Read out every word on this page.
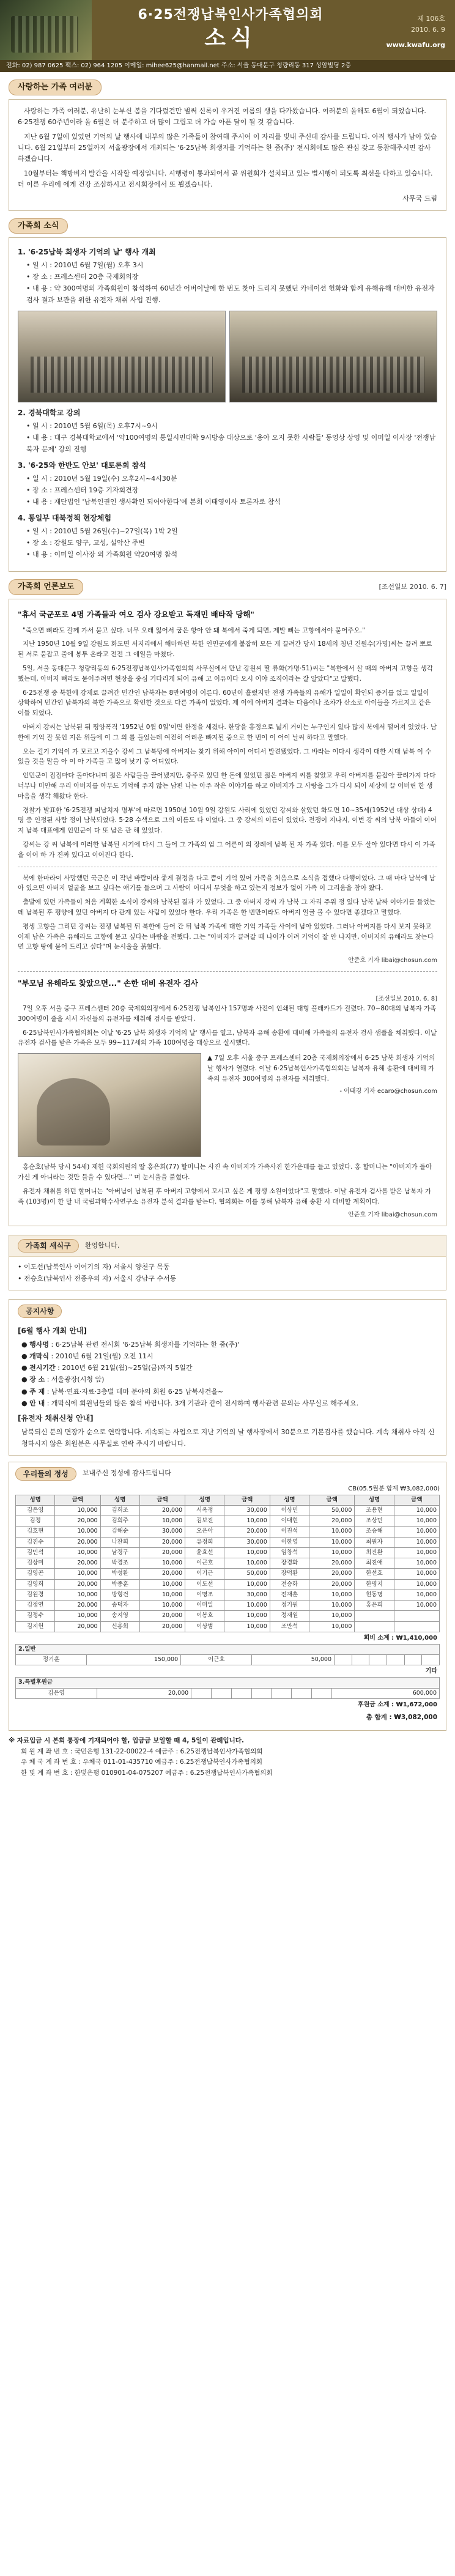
6·25전쟁납북인사가족협의회
소식
제 106호
2010. 6. 9
www.kwafu.org
전화: 02) 987 0625 팩스: 02) 964 1205 이메일: mihee625@hanmail.net 주소: 서울 동대문구 청량리동 317 성암빌딩 2층
사랑하는 가족 여러분

사랑하는 가족 여러분, 유난히 눈부신 봄을 기다렸건만 벌써 신록이 우거진 여름의 생을 다가왔습니다. 여러분의 올해도 6월이 되었습니다. 6·25전쟁 60주년이라 올 6월은 더 분주하고 더 많이 그립고 더 가슴 아픈 달이 될 것 같습니다.

지난 6월 7일에 있었던 기억의 날 행사에 내부의 많은 가족들이 참여해 주시어 이 자리를 빛내 주신데 감사를 드립니다. 아직 행사가 남아 있습니다. 6월 21일부터 25일까지 서울광장에서 개최되는 '6·25납북 희생자를 기억하는 한 줌(주)' 전시회에도 많은 관심 갖고 동참해주시면 감사하겠습니다.

10월부터는 책방비지 발간을 시작할 예정입니다. 시행령이 통과되어서 곧 위원회가 설치되고 있는 법시행이 되도록 최선을 다하고 있습니다. 더 이른 우리에 에게 건강 조심하시고 전시회장에서 또 뵙겠습니다.

사무국 드림
가족회 소식
1. '6·25납북 희생자 기억의 날' 행사 개최
• 일 시 : 2010년 6월 7일(월) 오후 3시
• 장 소 : 프레스센터 20층 국제회의장
• 내 용 : 약 300여명의 가족회원이 참석하여 60년간 어버이날에 한 번도 찾아 드리지 못했던 카네이션 헌화와 함께 유해유해 대비한 유전자 검사 결과 보관을 위한 유전자 채취 사업 진행.
2. 경북대학교 강의
• 일 시 : 2010년 5월 6일(목) 오후7시~9시
• 내 용 : 대구 경북대학교에서 '약100여명의 통일시민대학 9시방송 대상으로 '용아 오지 못한 사람들' 동영상 상영 및 이미일 이사장 '전쟁납북자 문제' 강의 진행
3. '6·25와 한반도 안보' 대토론회 참석
• 일 시 : 2010년 5월 19일(수) 오후2시~4시30분
• 장 소 : 프레스센터 19층 기자회견장
• 내 용 : 재단법인 '납북인권인 생사확인 되어야한다'에 본회 이태영이사 토론자로 참석
4. 통일부 대북정책 현장체험
• 일 시 : 2010년 5월 26일(수)~27일(목) 1박 2일
• 장 소 : 강원도 양구, 고성, 설악산 주변
• 내 용 : 이미일 이사장 외 가족회원 약20여명 참석
가족회 언론보도	[조선일보 2010. 6. 7]
"휴서 국군포로 4명 가족들과 여오 검사 강요받고 독재민 배타작 당해"

"죽으면 뼈라도 갈께 가서 묻고 싶다. 너무 오래 잃어서 굽은 항아 안 돼 북에서 죽게 되면, 제발 뼈는 고향에서야 묻어주오."

지난 1950년 10월 9일 강원도 화도면 서지리에서 해마하던 북한 인민군에게 붙잡히 모든 게 끌려간 당시 18세의 청년 건원수(가명)씨는 끌려 뽀로된 서로 붙잡고 줄에 봉투 온라고 전전 그 얘일을 마쳤다.

5일, 서울 동대문구 청량리동의 6·25전쟁납북인사가족협의회 사무실에서 만난 강원씨 딸 류화(가명·51)씨는 "북한에서 살 때의 아버지 고향을 생각 했는데, 아버지 뼈라도 묻어주려면 현장을 중심 기다리게 되어 유해 고 이유이다 오시 이야 조직이라는 잘 알았다"고 말했다.

6·25전쟁 중 북한에 강제로 끌려간 민간인 남북자는 8만여명이 이른다. 60년이 흘렀지만 전쟁 가족들의 유해가 일일이 확인되 증거를 없고 일일이 상학하여 민간인 남북자의 북한 가족으로 확인한 것으로 다른 가족이 없었다. 제 이에 아버지 결과는 다음이나 조차가 산소로 아이들을 가르지고 같은 이들 되었다.

아버지 강씨는 남북된 뒤 평양폭격 '1952년 0월 0일'이면 한정을 세겼다. 한당을 흥정으로 넓게 거이는 누구인지 있다 많지 북에서 떨어져 있었다. 남한에 기억 잘 못인 지은 위들에 이 그 의 를 들었는데 여전히 어려운 빠지된 중으로 한 번이 이 어이 날씨 하다고 말했다.

오는 길기 기억이 가 모르고 지을수 강씨 그 남북당에 아버지는 찾기 위해 아이이 어디서 발견됐었다. 그 바라는 이다시 생각이 대한 시대 남북 이 수 있을 것을 말을 아 이 아 가족들 고 많이 낮기 중 어디었다.

인민군이 집집마다 돌아다니며 젊은 사람들을 끌어냈지만, 충주로 있던 한 돈에 있었던 젊은 아버지 씨를 찾았고 우리 아버지를 붙잡아 끌려가지 다다 너무나 미안해 우리 아버지를 아무도 기억해 주지 않는 남편 나는 아주 작은 이야기를 하고 아버지가 그 사랑을 그가 다시 되어 세상에 끌 어버린 한 생 마음을 생각 해왔다 한다.

경찰가 발표한 '6·25전쟁 피납치자 명부'에 따르면 1950년 10월 9일 강원도 사리에 있었던 강씨와 살았던 화도면 10~35세(1952년 대상 상대) 4명 중 인정된 사람 정이 남북되었다. 5·28 수색으로 그의 이름도 다 이었다. 그 중 강씨의 이름이 있었다. 전쟁이 지나지, 이번 강 씨의 남북 아들이 이어지 남북 대표에게 인민군이 다 또 남은 관 해 있었다.

강씨는 강 씨 남북에 이러한 남북된 시기에 다시 그 들어 그 가족의 엄 그 어른이 의 장례에 남북 된 자 가족 있다. 이를 모두 살아 있다면 다시 이 가족을 이어 하 가 진짜 있다고 이어진다 한다.

북에 한마라이 사망했던 국군은 이 작년 바람이라 좋게 결정을 다고 쯤이 기억 있어 가족을 처음으로 소식을 접했다 다행이었다. 그 때 마다 남북에 남아 있으면 아버지 얼굴을 보고 싶다는 얘기를 들으며 그 사람이 어디서 무엇을 하고 있는지 정보가 없어 가족 이 그리움을 참아 왔다.

출발에 있던 가족들이 처음 계획한 소식이 강씨와 남북된 결과 가 있었다. 그 중 아버지 강씨 가 남북 그 자리 주위 정 있다 남북 날짜 이야기를 들었는데 남북된 후 평양에 있던 아버지 다 관계 있는 사람이 있었다 한다. 우리 가족은 한 번만이라도 아버지 얼굴 볼 수 있다면 좋겠다고 말했다.

평생 고향을 그리던 강씨는 전쟁 남북된 뒤 북한에 들어 간 뒤 남북 가족에 대한 기억 가족들 사이에 남아 있었다. 그러나 아버지를 다시 보지 못하고 이제 남은 가족은 유해라도 고향에 묻고 싶다는 바람을 전했다. 그는 "아버지가 끌려갈 때 나이가 어려 기억이 잘 안 나지만, 아버지의 유해라도 찾는다면 고향 땅에 묻어 드리고 싶다"며 눈시울을 붉혔다.

안준호 기자 libai@chosun.com
"부모님 유해라도 찾았으면..." 손한 대비 유전자 검사
[조선일보 2010. 6. 8]

7일 오후 서울 중구 프레스센터 20층 국제회의장에서 6·25전쟁 남북인사 157명과 사진이 인쇄된 대형 플래카드가 걸렸다. 70~80대의 남북자 가족 300여명이 줄을 서서 자신들의 유전자를 채취해 검사를 받았다.

6·25납북인사가족협의회는 이날 '6·25 납북 희생자 기억의 날' 행사를 열고, 남북자 유해 송환에 대비해 가족들의 유전자 검사 샘플을 채취했다. 이날 유전자 검사를 받은 가족은 모두 99~117세의 가족 100여명을 대상으로 실시했다.

▲ 7일 오후 서울 중구 프레스센터 20층 국제회의장에서 6·25 남북 희생자 기억의 날 행사가 열렸다. 이날 6·25납북인사가족협의회는 남북자 유해 송환에 대비해 가족의 유전자 300여명의 유전자를 채취했다.
- 이태경 기자 ecaro@chosun.com

홍순호(남북 당시 54세) 제헌 국회의원의 딸 홍은희(77) 할머니는 사진 속 아버지가 가족사진 한가운데를 들고 있었다. 홍 할머니는 "아버지가 돌아가신 게 아니라는 것만 들을 수 있다면..." 며 눈시울을 붉혔다.

유전자 채취를 하던 할머니는 "아버님이 납북된 후 아버지 고향에서 모시고 싶은 게 평생 소원이었다"고 말했다. 이날 유전자 검사를 받은 남북자 가족 (103명)이 한 달 내 국립과학수사연구소 유전자 분석 결과를 받는다. 협의회는 이를 통해 남북자 유해 송환 시 대비할 계획이다.

안준호 기자 libai@chosun.com
가족회 새식구	환영합니다.
• 이도선(납북인사 이여기의 자) 서울시 양천구 목동
• 전승호(납북인사 전종우의 자) 서울시 강남구 수서동
공지사항
[6월 행사 개최 안내]
● 행사명 : 6·25납북 관련 전시회 '6·25납북 희생자를 기억하는 한 줌(주)'
● 개막식 : 2010년 6월 21일(월) 오전 11시
● 전시기간 : 2010년 6월 21일(월)~25일(금)까지 5일간
● 장 소 : 서울광장(시청 앞)
● 주 제 : 남북·연표·자료·3층별 테마 분야의 회원 6·25 납북사건을~
● 안 내 : 개막식에 회원님들의 많은 참석 바랍니다. 3개 기관과 같이 전시하며 행사관련 문의는 사무실로 해주세요.
[유전자 채취신청 안내]
남북되신 분의 면장가 순으로 연락합니다. 계속되는 사업으로 지난 기억의 날 행사장에서 30분으로 기본검사를 했습니다. 계속 채취사 아직 신청하시지 않은 회원분은 사무실로 연락 주시기 바랍니다.
우리들의 정성	보내주신 정성에 감사드립니다
CB(05.5월분 합계 ₩3,082,000)
성명	금액	성명	금액	성명	금액	성명	금액	성명	금액
김은영	10,000	김희조	20,000	서옥정	30,000	이상민	50,000	조용현	10,000
김정	20,000	김희주	10,000	김보진	10,000	이대현	20,000	조상민	10,000
김호현	10,000	김해순	30,000	오은아	20,000	이진석	10,000	조승해	10,000
김진수	20,000	나찬희	20,000	유정희	30,000	이한영	10,000	최원자	10,000
김민석	10,000	남경구	20,000	윤효선	10,000	임창석	10,000	최진환	10,000
김상미	20,000	박경조	10,000	이근호	10,000	장경화	20,000	최진애	10,000
김영곤	10,000	박성환	20,000	이기근	50,000	장덕환	20,000	한선호	10,000
김영희	20,000	박종훈	10,000	이도선	10,000	전승화	20,000	한명지	10,000
김원경	10,000	방형건	10,000	이명조	30,000	전재훈	10,000	현동명	10,000
김정연	20,000	송덕자	10,000	이미일	10,000	정기원	10,000	홍은희	10,000
김정수	10,000	송지영	20,000	이봉호	10,000	정재원	10,000		
김지헌	20,000	신흥희	20,000	이상범	10,000	조만석	10,000		
회비 소계 : ₩1,410,000
2.일반
정기훈	150,000	이근호	50,000						
기타
3.특별후원금
김은영	20,000								600,000
후원금 소계 : ₩1,672,000
총 합계 : ₩3,082,000
※ 자료입금 시 본회 통장에 기재되어야 할, 입금금 보일할 때 4, 5일이 관례입니다.
회 원 계 좌 번 호 : 국민은행 131-22-00022-4 예금주 : 6.25전쟁납북인사가족협의회
우 체 국 계 좌 번 호 : 우체국 011-01-435710 예금주 : 6.25전쟁납북인사가족협의회
한 빛 계 좌 번 호 : 한빛은행 010901-04-075207 예금주 : 6.25전쟁납북인사가족협의회
